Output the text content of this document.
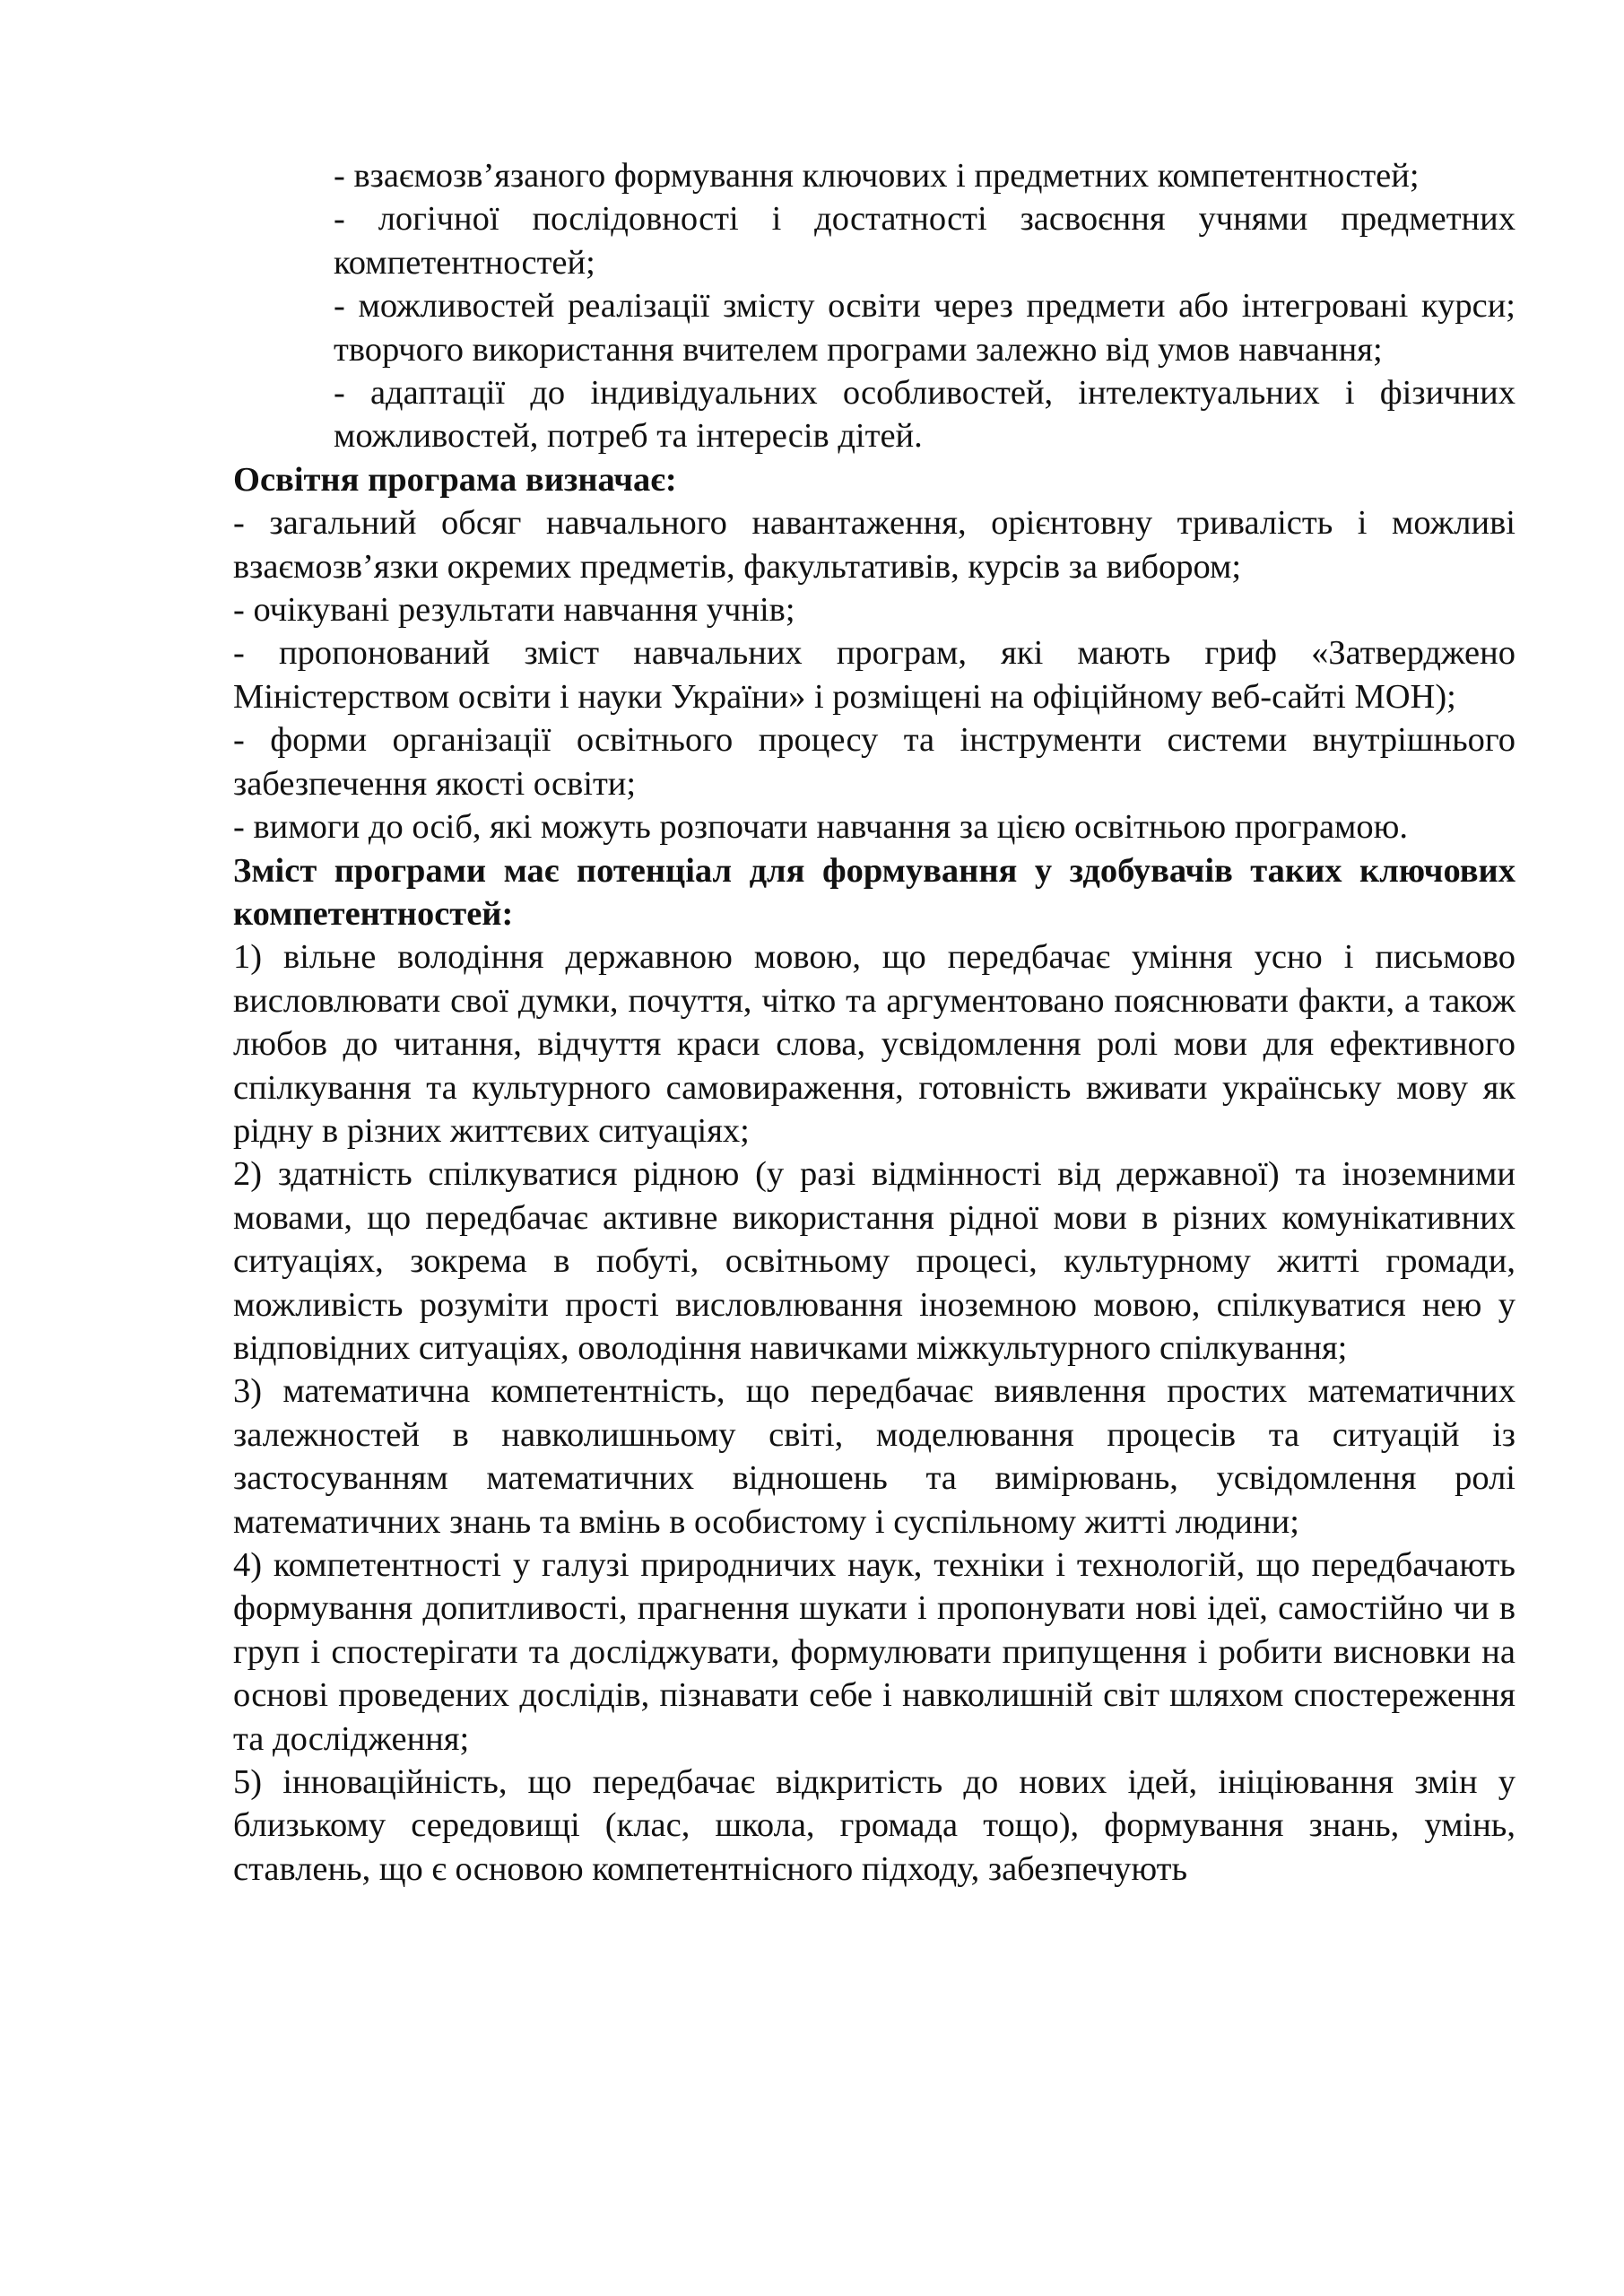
- взаємозв’язаного формування ключових і предметних компетентностей;

- логічної послідовності і достатності засвоєння учнями предметних компетентностей;

- можливостей реалізації змісту освіти через предмети або інтегровані курси; творчого використання вчителем програми залежно від умов навчання;

- адаптації до індивідуальних особливостей, інтелектуальних і фізичних можливостей, потреб та інтересів дітей.

Освітня програма визначає:

- загальний обсяг навчального навантаження, орієнтовну тривалість і можливі взаємозв’язки окремих предметів, факультативів, курсів за вибором;

- очікувані результати навчання учнів;

- пропонований зміст навчальних програм, які мають гриф «Затверджено Міністерством освіти і науки України» і розміщені на офіційному веб-сайті МОН);

- форми організації освітнього процесу та інструменти системи внутрішнього забезпечення якості освіти;

- вимоги до осіб, які можуть розпочати навчання за цією освітньою програмою.

Зміст програми має потенціал для формування у здобувачів таких ключових компетентностей:

1) вільне володіння державною мовою, що передбачає уміння усно і письмово висловлювати свої думки, почуття, чітко та аргументовано пояснювати факти, а також любов до читання, відчуття краси слова, усвідомлення ролі мови для ефективного спілкування та культурного самовираження, готовність вживати українську мову як рідну в різних життєвих ситуаціях;

2) здатність спілкуватися рідною (у разі відмінності від державної) та іноземними мовами, що передбачає активне використання рідної мови в різних комунікативних ситуаціях, зокрема в побуті, освітньому процесі, культурному житті громади, можливість розуміти прості висловлювання іноземною мовою, спілкуватися нею у відповідних ситуаціях, оволодіння навичками міжкультурного спілкування;

3) математична компетентність, що передбачає виявлення простих математичних залежностей в навколишньому світі, моделювання процесів та ситуацій із застосуванням математичних відношень та вимірювань, усвідомлення ролі математичних знань та вмінь в особистому і суспільному житті людини;

4) компетентності у галузі природничих наук, техніки і технологій, що передбачають формування допитливості, прагнення шукати і пропонувати нові ідеї, самостійно чи в груп і спостерігати та досліджувати, формулювати припущення і робити висновки на основі проведених дослідів, пізнавати себе і навколишній світ шляхом спостереження та дослідження;

5) інноваційність, що передбачає відкритість до нових ідей, ініціювання змін у близькому середовищі (клас, школа, громада тощо), формування знань, умінь, ставлень, що є основою компетентнісного підходу, забезпечують
